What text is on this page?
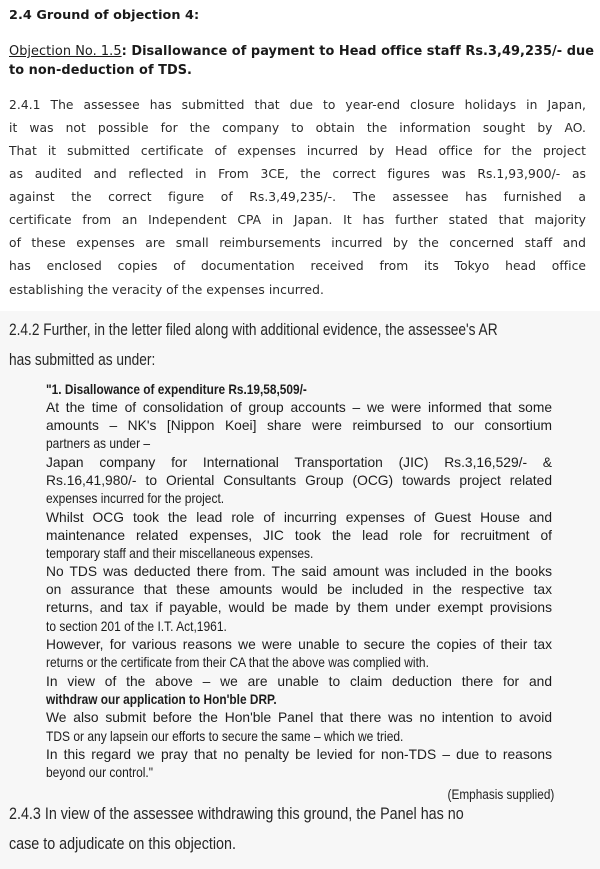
2.4 Ground of objection 4:

Objection No. 1.5: Disallowance of payment to Head office staff Rs.3,49,235/- due

to non-deduction of TDS.

2.4.1 The assessee has submitted that due to year-end closure holidays in Japan,

it was not possible for the company to obtain the information sought by AO.

That it submitted certificate of expenses incurred by Head office for the project

as audited and reflected in From 3CE, the correct figures was Rs.1,93,900/- as

against the correct figure of Rs.3,49,235/-. The assessee has furnished a

certificate from an Independent CPA in Japan. It has further stated that majority

of these expenses are small reimbursements incurred by the concerned staff and

has enclosed copies of documentation received from its Tokyo head office

establishing the veracity of the expenses incurred.

2.4.2 Further, in the letter filed along with additional evidence, the assessee's AR

has submitted as under:

"1. Disallowance of expenditure Rs.19,58,509/-

At the time of consolidation of group accounts – we were informed that some

amounts – NK's [Nippon Koei] share were reimbursed to our consortium

partners as under –

Japan company for International Transportation (JIC) Rs.3,16,529/- &

Rs.16,41,980/- to Oriental Consultants Group (OCG) towards project related

expenses incurred for the project.

Whilst OCG took the lead role of incurring expenses of Guest House and

maintenance related expenses, JIC took the lead role for recruitment of

temporary staff and their miscellaneous expenses.

No TDS was deducted there from. The said amount was included in the books

on assurance that these amounts would be included in the respective tax

returns, and tax if payable, would be made by them under exempt provisions

to section 201 of the I.T. Act,1961.

However, for various reasons we were unable to secure the copies of their tax

returns or the certificate from their CA that the above was complied with.

In view of the above – we are unable to claim deduction there for and

withdraw our application to Hon'ble DRP.

We also submit before the Hon'ble Panel that there was no intention to avoid

TDS or any lapsein our efforts to secure the same – which we tried.

In this regard we pray that no penalty be levied for non-TDS – due to reasons

beyond our control."

(Emphasis supplied)

2.4.3 In view of the assessee withdrawing this ground, the Panel has no

case to adjudicate on this objection.
